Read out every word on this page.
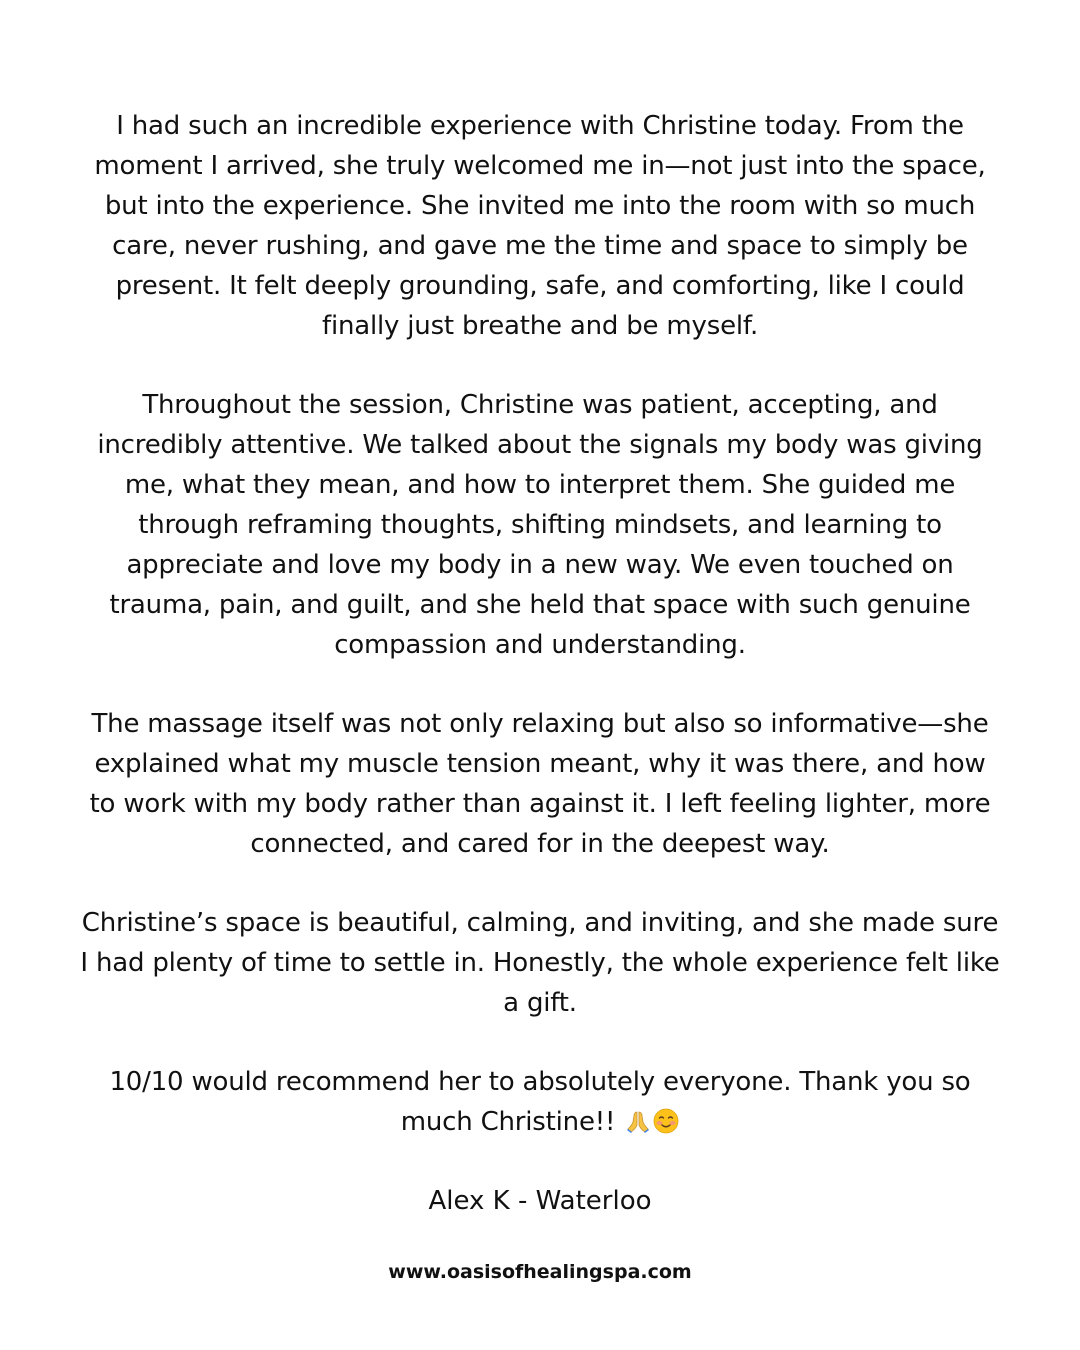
I had such an incredible experience with Christine today. From the moment I arrived, she truly welcomed me in—not just into the space, but into the experience. She invited me into the room with so much care, never rushing, and gave me the time and space to simply be present. It felt deeply grounding, safe, and comforting, like I could finally just breathe and be myself.

Throughout the session, Christine was patient, accepting, and incredibly attentive. We talked about the signals my body was giving me, what they mean, and how to interpret them. She guided me through reframing thoughts, shifting mindsets, and learning to appreciate and love my body in a new way. We even touched on trauma, pain, and guilt, and she held that space with such genuine compassion and understanding.

The massage itself was not only relaxing but also so informative—she explained what my muscle tension meant, why it was there, and how to work with my body rather than against it. I left feeling lighter, more connected, and cared for in the deepest way.

Christine’s space is beautiful, calming, and inviting, and she made sure I had plenty of time to settle in. Honestly, the whole experience felt like a gift.

10/10 would recommend her to absolutely everyone. Thank you so much Christine!!

Alex K - Waterloo

www.oasisofhealingspa.com
